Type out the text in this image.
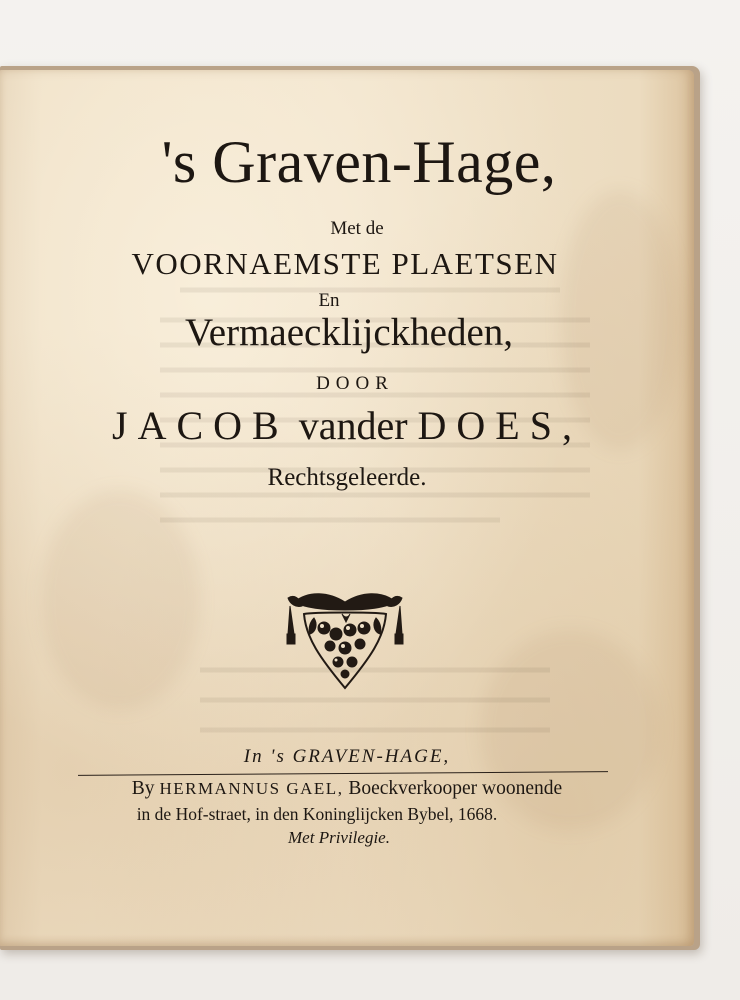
's Graven-Hage,
Met de
VOORNAEMSTE PLAETSEN
En
Vermaecklijckheden,
DOOR
JACOB vander DOES,
Rechtsgeleerde.
In 's GRAVEN-HAGE,
By HERMANNUS GAEL, Boeckverkooper woonende
in de Hof-straet, in den Koninglijcken Bybel, 1668.
Met Privilegie.
